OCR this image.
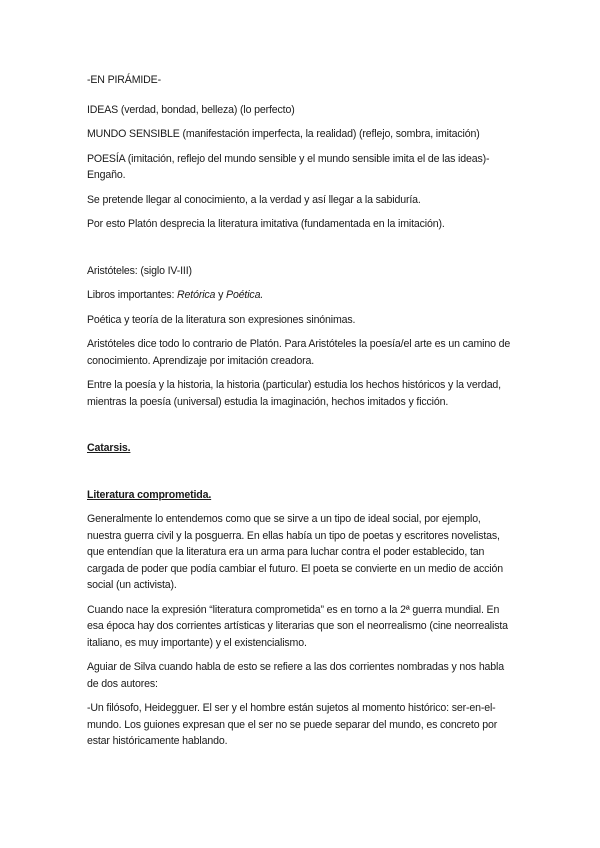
-EN PIRÁMIDE-

IDEAS (verdad, bondad, belleza) (lo perfecto)

MUNDO SENSIBLE (manifestación imperfecta, la realidad) (reflejo, sombra, imitación)

POESÍA (imitación, reflejo del mundo sensible y el mundo sensible imita el de las ideas)- Engaño.

Se pretende llegar al conocimiento, a la verdad y así llegar a la sabiduría.

Por esto Platón desprecia la literatura imitativa (fundamentada en la imitación).

Aristóteles: (siglo IV-III)

Libros importantes: Retórica y Poética.

Poética y teoría de la literatura son expresiones sinónimas.

Aristóteles dice todo lo contrario de Platón. Para Aristóteles la poesía/el arte es un camino de conocimiento. Aprendizaje por imitación creadora.

Entre la poesía y la historia, la historia (particular) estudia los hechos históricos y la verdad, mientras la poesía (universal) estudia la imaginación, hechos imitados y ficción.

Catarsis.

Literatura comprometida.

Generalmente lo entendemos como que se sirve a un tipo de ideal social, por ejemplo, nuestra guerra civil y la posguerra. En ellas había un tipo de poetas y escritores novelistas, que entendían que la literatura era un arma para luchar contra el poder establecido, tan cargada de poder que podía cambiar el futuro. El poeta se convierte en un medio de acción social (un activista).

Cuando nace la expresión “literatura comprometida” es en torno a la 2ª guerra mundial. En esa época hay dos corrientes artísticas y literarias que son el neorrealismo (cine neorrealista italiano, es muy importante) y el existencialismo.

Aguiar de Silva cuando habla de esto se refiere a las dos corrientes nombradas y nos habla de dos autores:

-Un filósofo, Heidegguer. El ser y el hombre están sujetos al momento histórico: ser-en-el-mundo. Los guiones expresan que el ser no se puede separar del mundo, es concreto por estar históricamente hablando.
